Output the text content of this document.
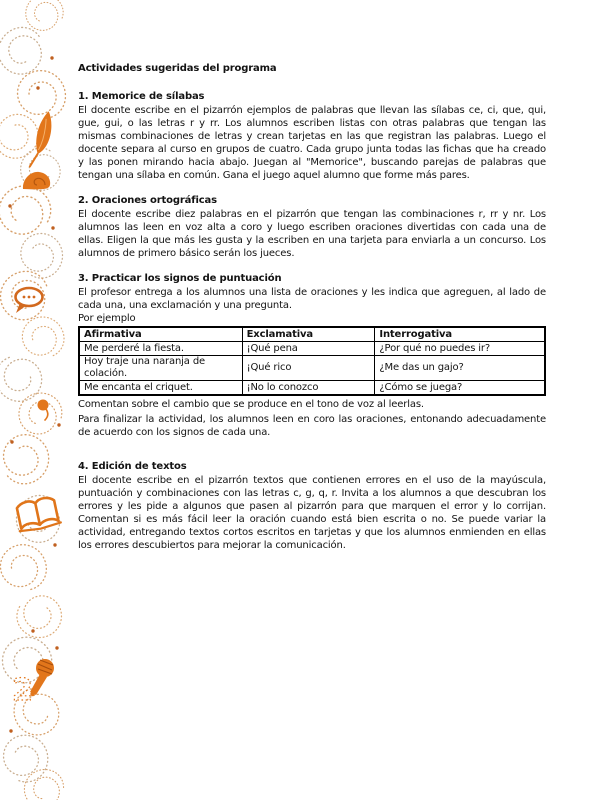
2

Actividades sugeridas del programa

1. Memorice de sílabas

El docente escribe en el pizarrón ejemplos de palabras que llevan las sílabas ce, ci, que, qui, gue, gui, o las letras r y rr. Los alumnos escriben listas con otras palabras que tengan las mismas combinaciones de letras y crean tarjetas en las que registran las palabras. Luego el docente separa al curso en grupos de cuatro. Cada grupo junta todas las fichas que ha creado y las ponen mirando hacia abajo. Juegan al "Memorice", buscando parejas de palabras que tengan una sílaba en común. Gana el juego aquel alumno que forme más pares.

2. Oraciones ortográficas

El docente escribe diez palabras en el pizarrón que tengan las combinaciones r, rr y nr. Los alumnos las leen en voz alta a coro y luego escriben oraciones divertidas con cada una de ellas. Eligen la que más les gusta y la escriben en una tarjeta para enviarla a un concurso. Los alumnos de primero básico serán los jueces.

3. Practicar los signos de puntuación

El profesor entrega a los alumnos una lista de oraciones y les indica que agreguen, al lado de cada una, una exclamación y una pregunta.

Por ejemplo

Afirmativa	Exclamativa	Interrogativa
Me perderé la fiesta.	¡Qué pena	¿Por qué no puedes ir?
Hoy traje una naranja de colación.	¡Qué rico	¿Me das un gajo?
Me encanta el criquet.	¡No lo conozco	¿Cómo se juega?

Comentan sobre el cambio que se produce en el tono de voz al leerlas.

Para finalizar la actividad, los alumnos leen en coro las oraciones, entonando adecuadamente de acuerdo con los signos de cada una.

4. Edición de textos

El docente escribe en el pizarrón textos que contienen errores en el uso de la mayúscula, puntuación y combinaciones con las letras c, g, q, r. Invita a los alumnos a que descubran los errores y les pide a algunos que pasen al pizarrón para que marquen el error y lo corrijan. Comentan si es más fácil leer la oración cuando está bien escrita o no. Se puede variar la actividad, entregando textos cortos escritos en tarjetas y que los alumnos enmienden en ellas los errores descubiertos para mejorar la comunicación.
